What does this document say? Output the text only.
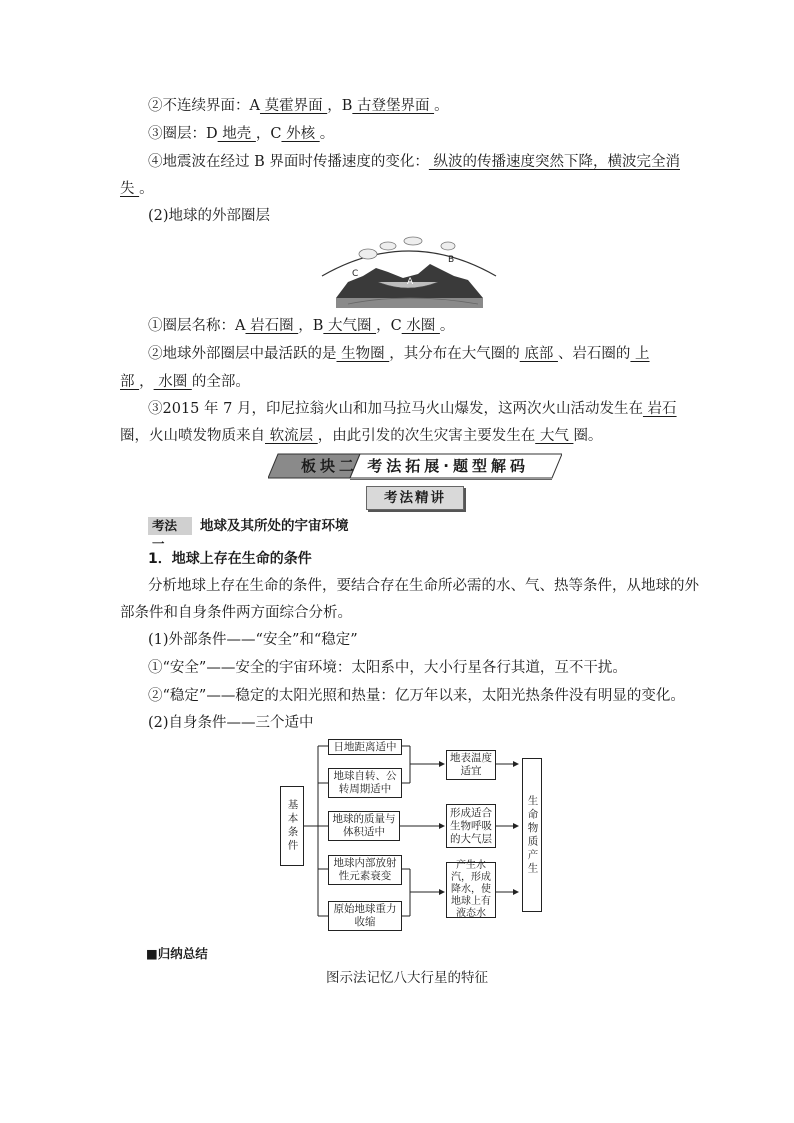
②不连续界面：A 莫霍界面 ，B 古登堡界面 。
③圈层：D 地壳 ，C 外核 。
④地震波在经过 B 界面时传播速度的变化： 纵波的传播速度突然下降，横波完全消
失 。
(2)地球的外部圈层
A
B
C
①圈层名称：A 岩石圈 ，B 大气圈 ，C 水圈 。
②地球外部圈层中最活跃的是 生物圈 ，其分布在大气圈的 底部 、岩石圈的 上
部 ， 水圈 的全部。
③2015 年 7 月，印尼拉翁火山和加马拉马火山爆发，这两次火山活动发生在 岩石
圈，火山喷发物质来自 软流层 ，由此引发的次生灾害主要发生在 大气 圈。
板块二 考法拓展·题型解码
考法精讲
考法 一
地球及其所处的宇宙环境
1．地球上存在生命的条件
分析地球上存在生命的条件，要结合存在生命所必需的水、气、热等条件，从地球的外
部条件和自身条件两方面综合分析。
(1)外部条件——“安全”和“稳定”
①“安全”——安全的宇宙环境：太阳系中，大小行星各行其道，互不干扰。
②“稳定”——稳定的太阳光照和热量：亿万年以来，太阳光热条件没有明显的变化。
(2)自身条件——三个适中
基本条件
日地距离适中
地球自转、公转周期适中
地球的质量与体积适中
地球内部放射性元素衰变
原始地球重力收缩
地表温度适宜
形成适合生物呼吸的大气层
产生水汽，形成降水，使地球上有液态水
生命物质产生
■归纳总结
图示法记忆八大行星的特征
